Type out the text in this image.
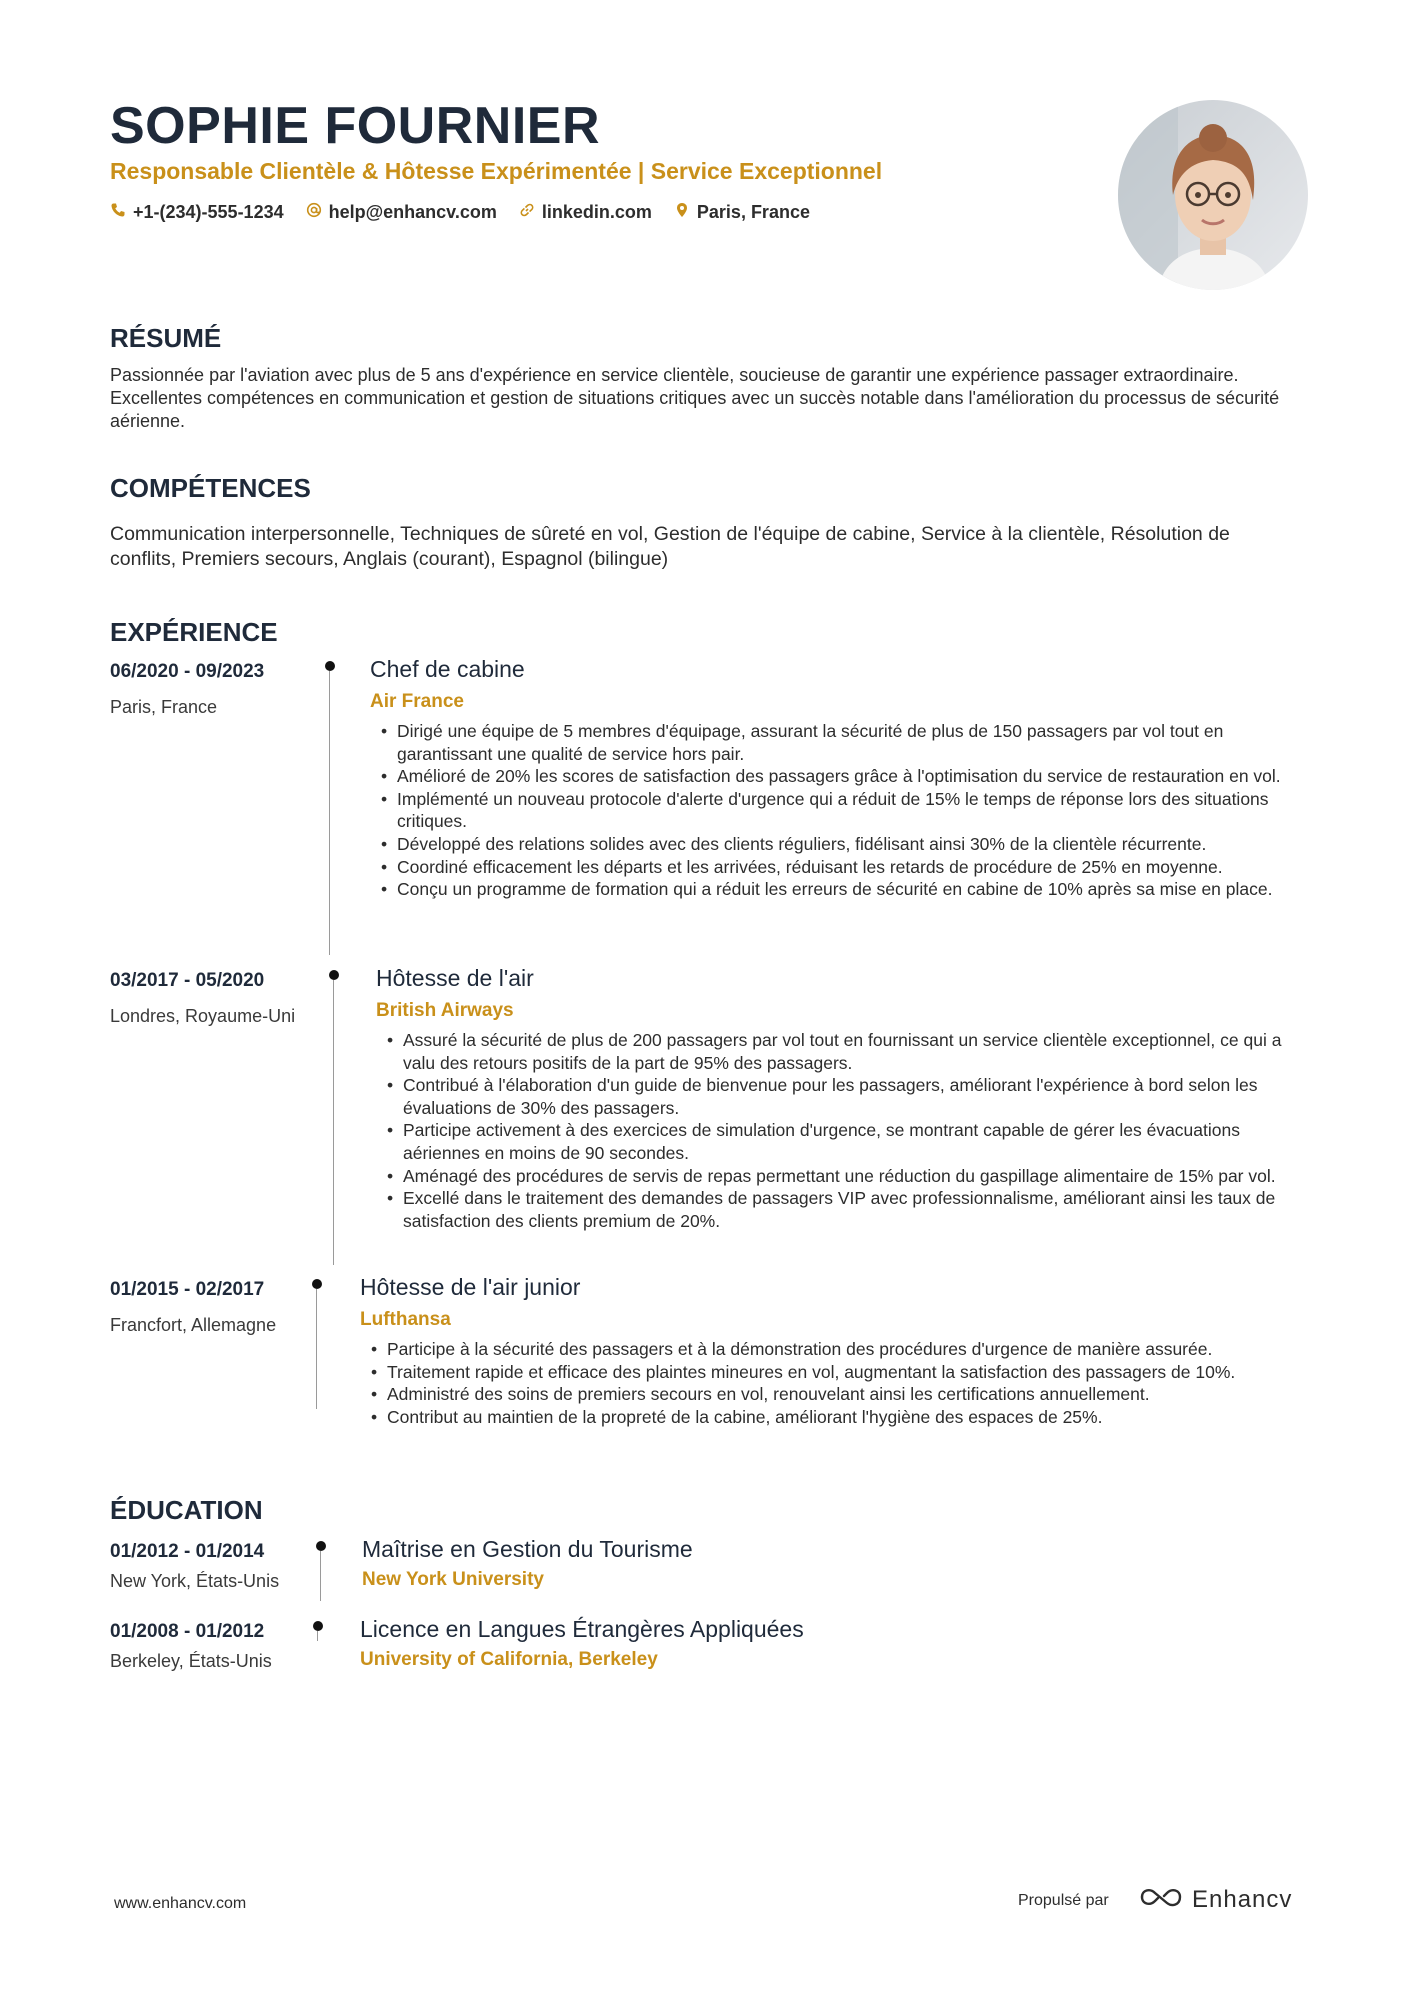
SOPHIE FOURNIER
Responsable Clientèle & Hôtesse Expérimentée | Service Exceptionnel
+1-(234)-555-1234	help@enhancv.com	linkedin.com	Paris, France
RÉSUMÉ
Passionnée par l'aviation avec plus de 5 ans d'expérience en service clientèle, soucieuse de garantir une expérience passager extraordinaire. Excellentes compétences en communication et gestion de situations critiques avec un succès notable dans l'amélioration du processus de sécurité aérienne.
COMPÉTENCES
Communication interpersonnelle, Techniques de sûreté en vol, Gestion de l'équipe de cabine, Service à la clientèle, Résolution de conflits, Premiers secours, Anglais (courant), Espagnol (bilingue)
EXPÉRIENCE
06/2020 - 09/2023
Paris, France
Chef de cabine
Air France
• Dirigé une équipe de 5 membres d'équipage, assurant la sécurité de plus de 150 passagers par vol tout en garantissant une qualité de service hors pair.
• Amélioré de 20% les scores de satisfaction des passagers grâce à l'optimisation du service de restauration en vol.
• Implémenté un nouveau protocole d'alerte d'urgence qui a réduit de 15% le temps de réponse lors des situations critiques.
• Développé des relations solides avec des clients réguliers, fidélisant ainsi 30% de la clientèle récurrente.
• Coordiné efficacement les départs et les arrivées, réduisant les retards de procédure de 25% en moyenne.
• Conçu un programme de formation qui a réduit les erreurs de sécurité en cabine de 10% après sa mise en place.
03/2017 - 05/2020
Londres, Royaume-Uni
Hôtesse de l'air
British Airways
• Assuré la sécurité de plus de 200 passagers par vol tout en fournissant un service clientèle exceptionnel, ce qui a valu des retours positifs de la part de 95% des passagers.
• Contribué à l'élaboration d'un guide de bienvenue pour les passagers, améliorant l'expérience à bord selon les évaluations de 30% des passagers.
• Participe activement à des exercices de simulation d'urgence, se montrant capable de gérer les évacuations aériennes en moins de 90 secondes.
• Aménagé des procédures de servis de repas permettant une réduction du gaspillage alimentaire de 15% par vol.
• Excellé dans le traitement des demandes de passagers VIP avec professionnalisme, améliorant ainsi les taux de satisfaction des clients premium de 20%.
01/2015 - 02/2017
Francfort, Allemagne
Hôtesse de l'air junior
Lufthansa
• Participe à la sécurité des passagers et à la démonstration des procédures d'urgence de manière assurée.
• Traitement rapide et efficace des plaintes mineures en vol, augmentant la satisfaction des passagers de 10%.
• Administré des soins de premiers secours en vol, renouvelant ainsi les certifications annuellement.
• Contribut au maintien de la propreté de la cabine, améliorant l'hygiène des espaces de 25%.
ÉDUCATION
01/2012 - 01/2014
New York, États-Unis
Maîtrise en Gestion du Tourisme
New York University
01/2008 - 01/2012
Berkeley, États-Unis
Licence en Langues Étrangères Appliquées
University of California, Berkeley
www.enhancv.com	Propulsé par	Enhancv
